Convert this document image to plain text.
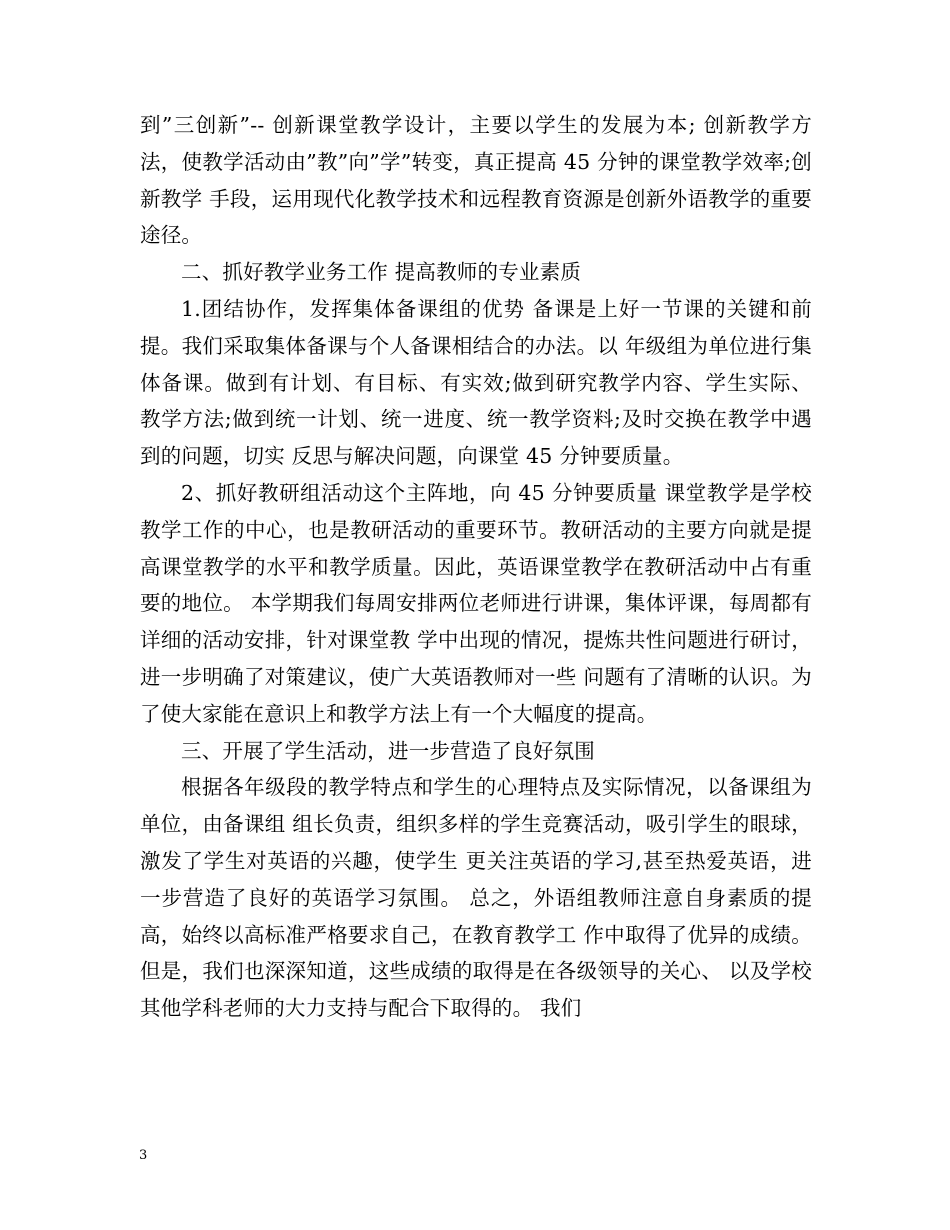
到”三创新”-- 创新课堂教学设计，主要以学生的发展为本; 创新教学方法，使教学活动由”教”向”学”转变，真正提高 45 分钟的课堂教学效率;创新教学 手段，运用现代化教学技术和远程教育资源是创新外语教学的重要途径。

二、抓好教学业务工作 提高教师的专业素质

1.团结协作，发挥集体备课组的优势 备课是上好一节课的关键和前提。我们采取集体备课与个人备课相结合的办法。以 年级组为单位进行集体备课。做到有计划、有目标、有实效;做到研究教学内容、学生实际、 教学方法;做到统一计划、统一进度、统一教学资料;及时交换在教学中遇到的问题，切实 反思与解决问题，向课堂 45 分钟要质量。

2、抓好教研组活动这个主阵地，向 45 分钟要质量 课堂教学是学校教学工作的中心，也是教研活动的重要环节。教研活动的主要方向就是提高课堂教学的水平和教学质量。因此，英语课堂教学在教研活动中占有重要的地位。 本学期我们每周安排两位老师进行讲课，集体评课，每周都有详细的活动安排，针对课堂教 学中出现的情况，提炼共性问题进行研讨，进一步明确了对策建议，使广大英语教师对一些 问题有了清晰的认识。为了使大家能在意识上和教学方法上有一个大幅度的提高。

三、开展了学生活动，进一步营造了良好氛围

根据各年级段的教学特点和学生的心理特点及实际情况，以备课组为单位，由备课组 组长负责，组织多样的学生竞赛活动，吸引学生的眼球，激发了学生对英语的兴趣，使学生 更关注英语的学习,甚至热爱英语，进一步营造了良好的英语学习氛围。 总之，外语组教师注意自身素质的提高，始终以高标准严格要求自己，在教育教学工 作中取得了优异的成绩。 但是，我们也深深知道，这些成绩的取得是在各级领导的关心、 以及学校其他学科老师的大力支持与配合下取得的。 我们

3
